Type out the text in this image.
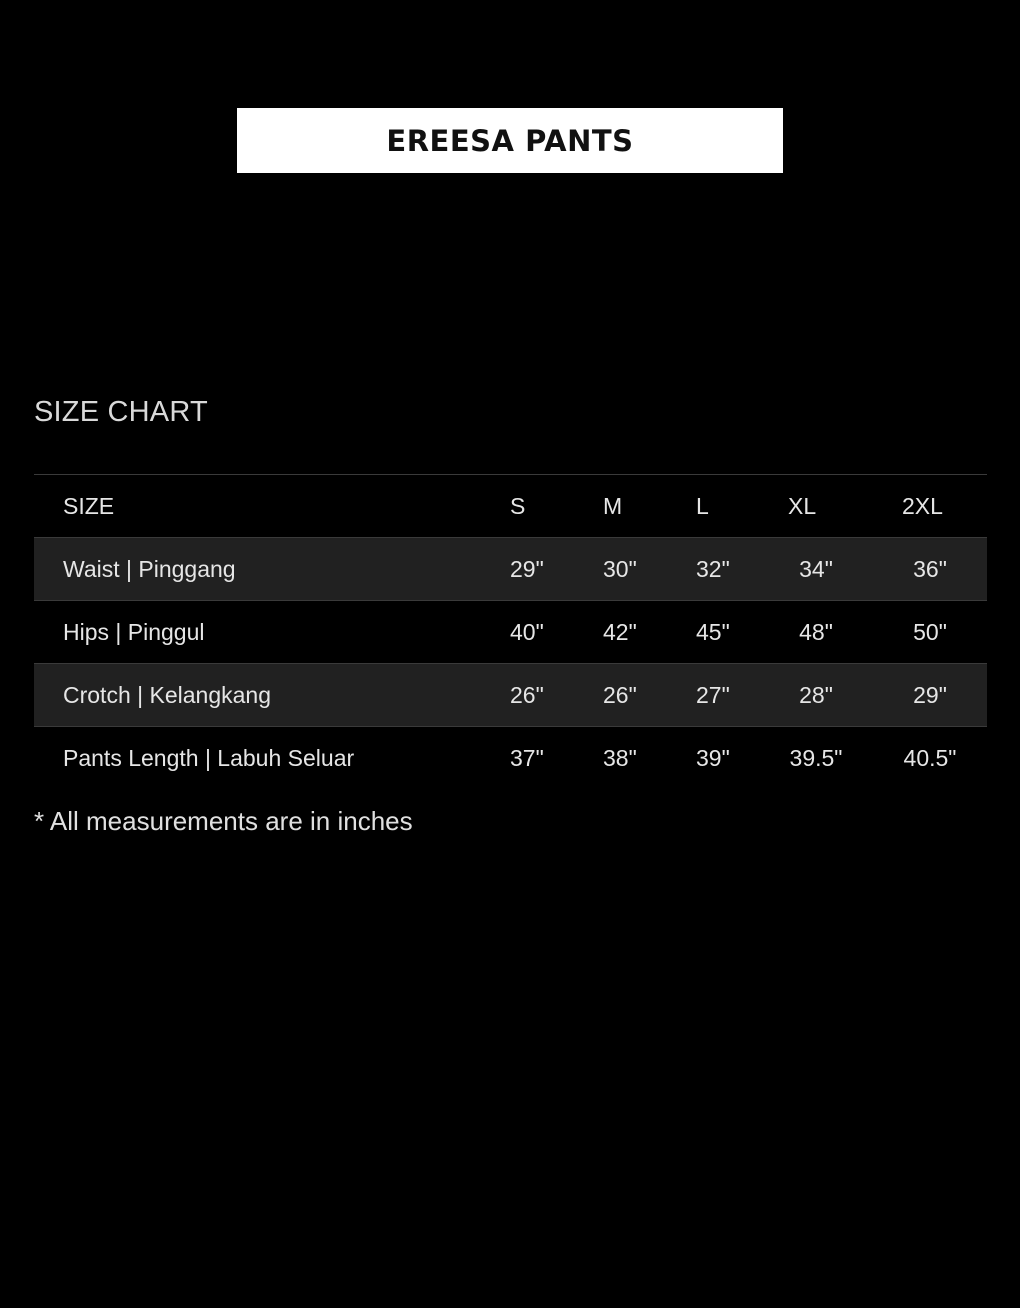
EREESA PANTS
SIZE CHART
SIZE	S	M	L	XL	2XL
Waist | Pinggang	29"	30"	32"	34"	36"
Hips | Pinggul	40"	42"	45"	48"	50"
Crotch | Kelangkang	26"	26"	27"	28"	29"
Pants Length | Labuh Seluar	37"	38"	39"	39.5"	40.5"
* All measurements are in inches
